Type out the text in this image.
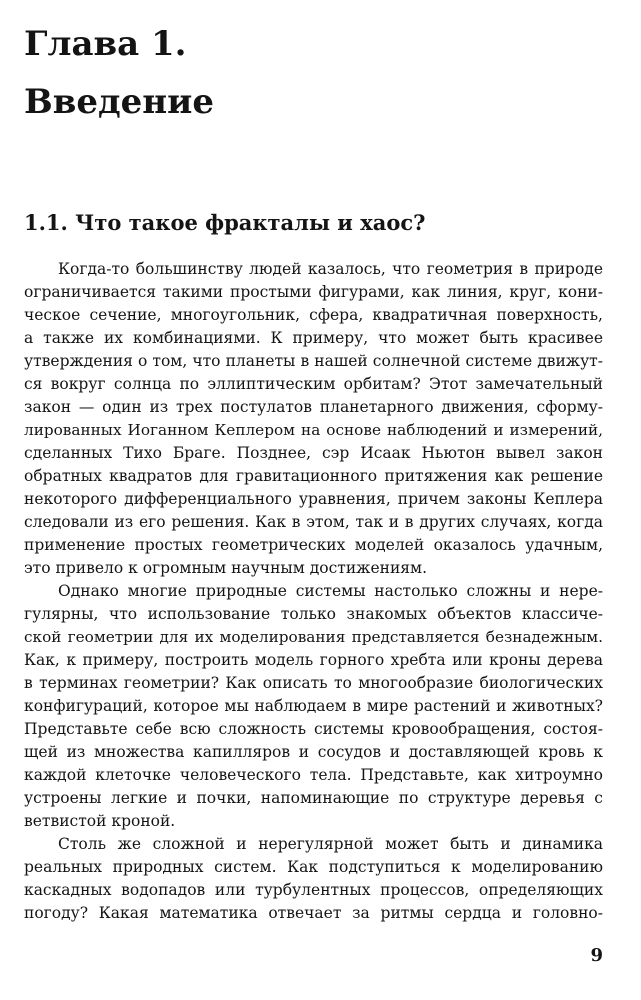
Глава 1.
Введение
1.1. Что такое фракталы и хаос?
Когда-то большинству людей казалось, что геометрия в природе
ограничивается такими простыми фигурами, как линия, круг, кони-
ческое сечение, многоугольник, сфера, квадратичная поверхность,
а также их комбинациями. К примеру, что может быть красивее
утверждения о том, что планеты в нашей солнечной системе движут-
ся вокруг солнца по эллиптическим орбитам? Этот замечательный
закон — один из трех постулатов планетарного движения, сформу-
лированных Иоганном Кеплером на основе наблюдений и измерений,
сделанных Тихо Браге. Позднее, сэр Исаак Ньютон вывел закон
обратных квадратов для гравитационного притяжения как решение
некоторого дифференциального уравнения, причем законы Кеплера
следовали из его решения. Как в этом, так и в других случаях, когда
применение простых геометрических моделей оказалось удачным,
это привело к огромным научным достижениям.
Однако многие природные системы настолько сложны и нере-
гулярны, что использование только знакомых объектов классиче-
ской геометрии для их моделирования представляется безнадежным.
Как, к примеру, построить модель горного хребта или кроны дерева
в терминах геометрии? Как описать то многообразие биологических
конфигураций, которое мы наблюдаем в мире растений и животных?
Представьте себе всю сложность системы кровообращения, состоя-
щей из множества капилляров и сосудов и доставляющей кровь к
каждой клеточке человеческого тела. Представьте, как хитроумно
устроены легкие и почки, напоминающие по структуре деревья с
ветвистой кроной.
Столь же сложной и нерегулярной может быть и динамика
реальных природных систем. Как подступиться к моделированию
каскадных водопадов или турбулентных процессов, определяющих
погоду? Какая математика отвечает за ритмы сердца и головно-
9
